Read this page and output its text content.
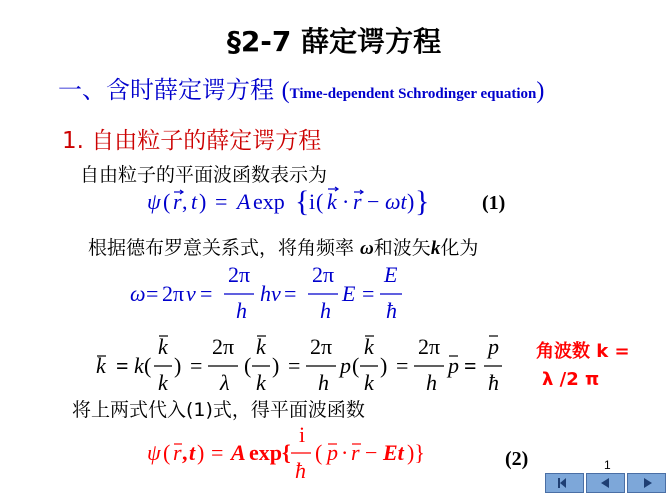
§2-7 薛定谔方程
一、含时薛定谔方程 (Time-dependent Schrodinger equation)
1. 自由粒子的薛定谔方程
自由粒子的平面波函数表示为
ψ ( r , t ) = A exp { i ( k · r − ωt ) }	(1)
根据德布罗意关系式，将角频率 ω和波矢k化为
ω = 2π ν =
2π
h
hν =
2π
h
E =
E
ħ
k = k (
k
k
) =
2π
λ
(
k
k
) =
2π
h
p (
k
k
) =
2π
h
p =
p
ħ
角波数 k =
λ /2 π
将上两式代入(1)式，得平面波函数
ψ ( r , t ) = A exp{
i
ħ
( p · r − Et )}	(2)	1
